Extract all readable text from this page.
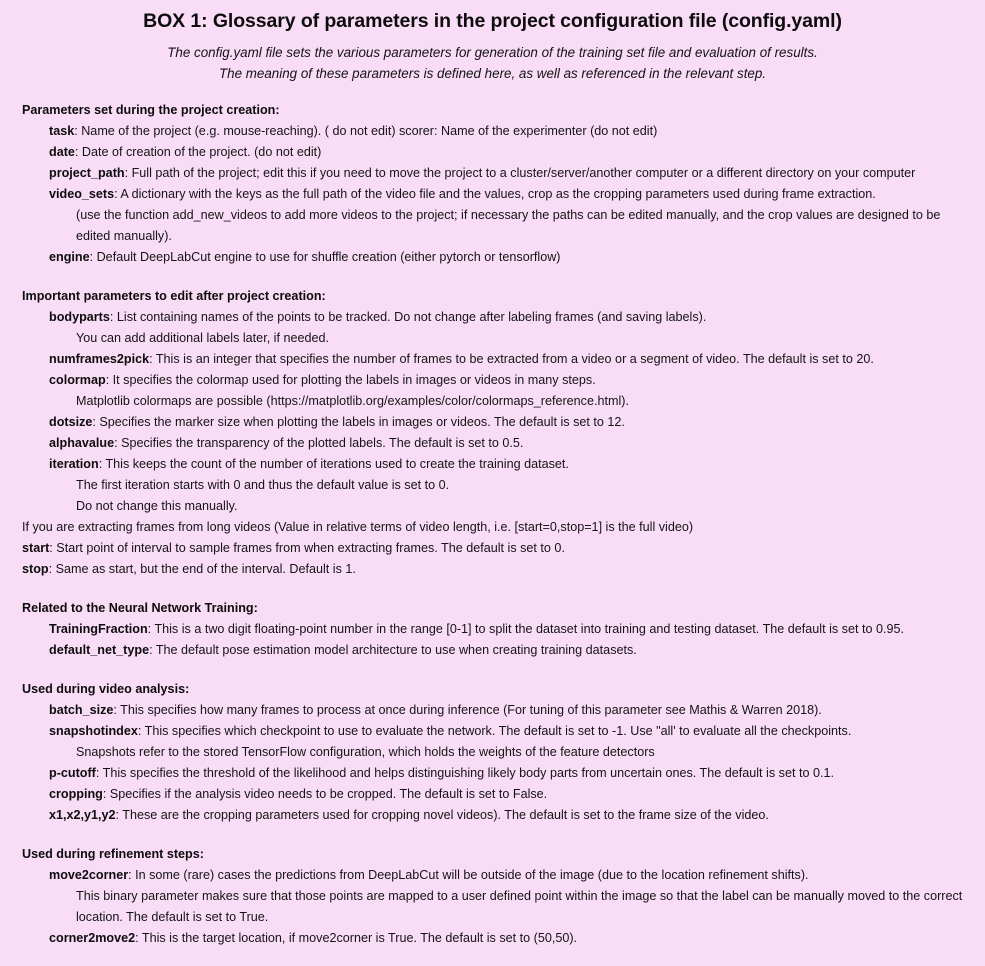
BOX 1: Glossary of parameters in the project configuration file (config.yaml)
The config.yaml file sets the various parameters for generation of the training set file and evaluation of results.
The meaning of these parameters is defined here, as well as referenced in the relevant step.
Parameters set during the project creation:
task: Name of the project (e.g. mouse-reaching). ( do not edit) scorer: Name of the experimenter (do not edit)
date: Date of creation of the project. (do not edit)
project_path: Full path of the project; edit this if you need to move the project to a cluster/server/another computer or a different directory on your computer
video_sets: A dictionary with the keys as the full path of the video file and the values, crop as the cropping parameters used during frame extraction.
(use the function add_new_videos to add more videos to the project; if necessary the paths can be edited manually, and the crop values are designed to be edited manually).
engine: Default DeepLabCut engine to use for shuffle creation (either pytorch or tensorflow)
Important parameters to edit after project creation:
bodyparts: List containing names of the points to be tracked. Do not change after labeling frames (and saving labels).
You can add additional labels later, if needed.
numframes2pick: This is an integer that specifies the number of frames to be extracted from a video or a segment of video. The default is set to 20.
colormap: It specifies the colormap used for plotting the labels in images or videos in many steps.
Matplotlib colormaps are possible (https://matplotlib.org/examples/color/colormaps_reference.html).
dotsize: Specifies the marker size when plotting the labels in images or videos. The default is set to 12.
alphavalue: Specifies the transparency of the plotted labels. The default is set to 0.5.
iteration: This keeps the count of the number of iterations used to create the training dataset.
The first iteration starts with 0 and thus the default value is set to 0.
Do not change this manually.
If you are extracting frames from long videos (Value in relative terms of video length, i.e. [start=0,stop=1] is the full video)
start: Start point of interval to sample frames from when extracting frames. The default is set to 0.
stop: Same as start, but the end of the interval. Default is 1.
Related to the Neural Network Training:
TrainingFraction: This is a two digit floating-point number in the range [0-1] to split the dataset into training and testing dataset. The default is set to 0.95.
default_net_type: The default pose estimation model architecture to use when creating training datasets.
Used during video analysis:
batch_size: This specifies how many frames to process at once during inference (For tuning of this parameter see Mathis & Warren 2018).
snapshotindex: This specifies which checkpoint to use to evaluate the network. The default is set to -1. Use "all' to evaluate all the checkpoints.
Snapshots refer to the stored TensorFlow configuration, which holds the weights of the feature detectors
p-cutoff: This specifies the threshold of the likelihood and helps distinguishing likely body parts from uncertain ones. The default is set to 0.1.
cropping: Specifies if the analysis video needs to be cropped. The default is set to False.
x1,x2,y1,y2: These are the cropping parameters used for cropping novel videos). The default is set to the frame size of the video.
Used during refinement steps:
move2corner: In some (rare) cases the predictions from DeepLabCut will be outside of the image (due to the location refinement shifts).
This binary parameter makes sure that those points are mapped to a user defined point within the image so that the label can be manually moved to the correct location. The default is set to True.
corner2move2: This is the target location, if move2corner is True. The default is set to (50,50).
